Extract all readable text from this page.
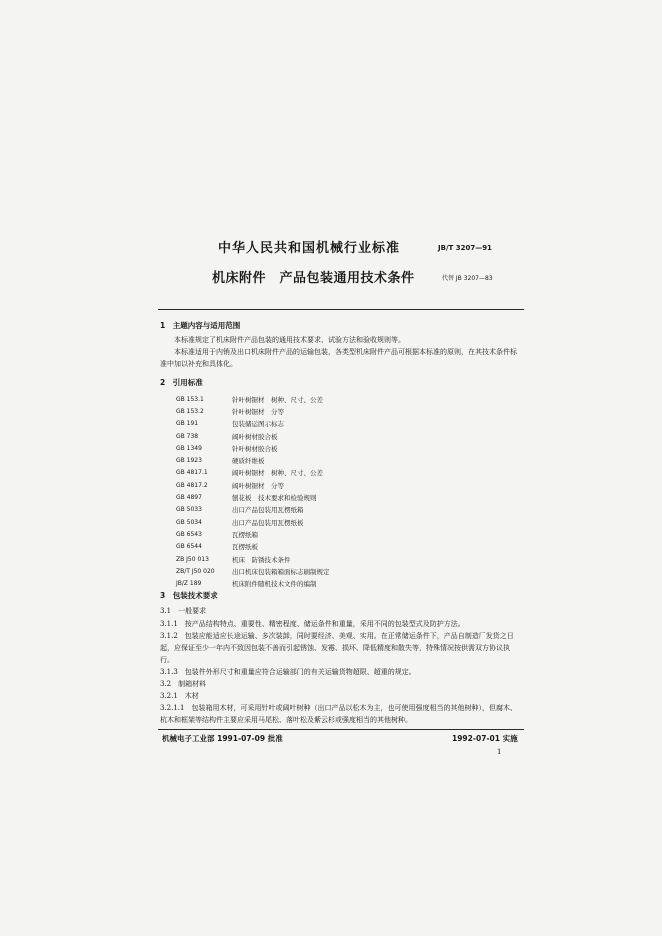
中华人民共和国机械行业标准	JB/T 3207—91
机床附件　产品包装通用技术条件	代替 JB 3207—83
1　主题内容与适用范围
本标准规定了机床附件产品包装的通用技术要求、试验方法和验收规则等。
本标准适用于内销及出口机床附件产品的运输包装，各类型机床附件产品可根据本标准的原则，在其技术条件标准中加以补充和具体化。
2　引用标准
GB 153.1	针叶树锯材　树种、尺寸、公差
GB 153.2	针叶树锯材　分等
GB 191	包装储运图示标志
GB 738	阔叶树材胶合板
GB 1349	针叶树材胶合板
GB 1923	硬质纤维板
GB 4817.1	阔叶树锯材　树种、尺寸、公差
GB 4817.2	阔叶树锯材　分等
GB 4897	刨花板　技术要求和检验规则
GB 5033	出口产品包装用瓦楞纸箱
GB 5034	出口产品包装用瓦楞纸板
GB 6543	瓦楞纸箱
GB 6544	瓦楞纸板
ZB J50 013	机床　防锈技术条件
ZB/T J50 020	出口机床包装箱箱面标志刷制规定
JB/Z 189	机床附件随机技术文件的编制
3　包装技术要求
3.1　一般要求
3.1.1　按产品结构特点、重要性、精密程度、储运条件和重量，采用不同的包装型式及防护方法。
3.1.2　包装应能适应长途运输、多次装卸，同时要经济、美观、实用。在正常储运条件下，产品自制造厂发货之日起，应保证至少一年内不致因包装不善而引起锈蚀、发霉、损坏、降低精度和散失等，特殊情况按供需双方协议执行。
3.1.3　包装件外形尺寸和重量应符合运输部门的有关运输货物超限、超重的规定。
3.2　制箱材料
3.2.1　木材
3.2.1.1　包装箱用木材，可采用针叶或阔叶树种（出口产品以松木为主，也可使用强度相当的其他树种），但腐木、杭木和框架等结构件主要应采用马尾松、落叶松及紫云杉或强度相当的其他树种。
机械电子工业部 1991-07-09 批准	1992-07-01 实施
1
